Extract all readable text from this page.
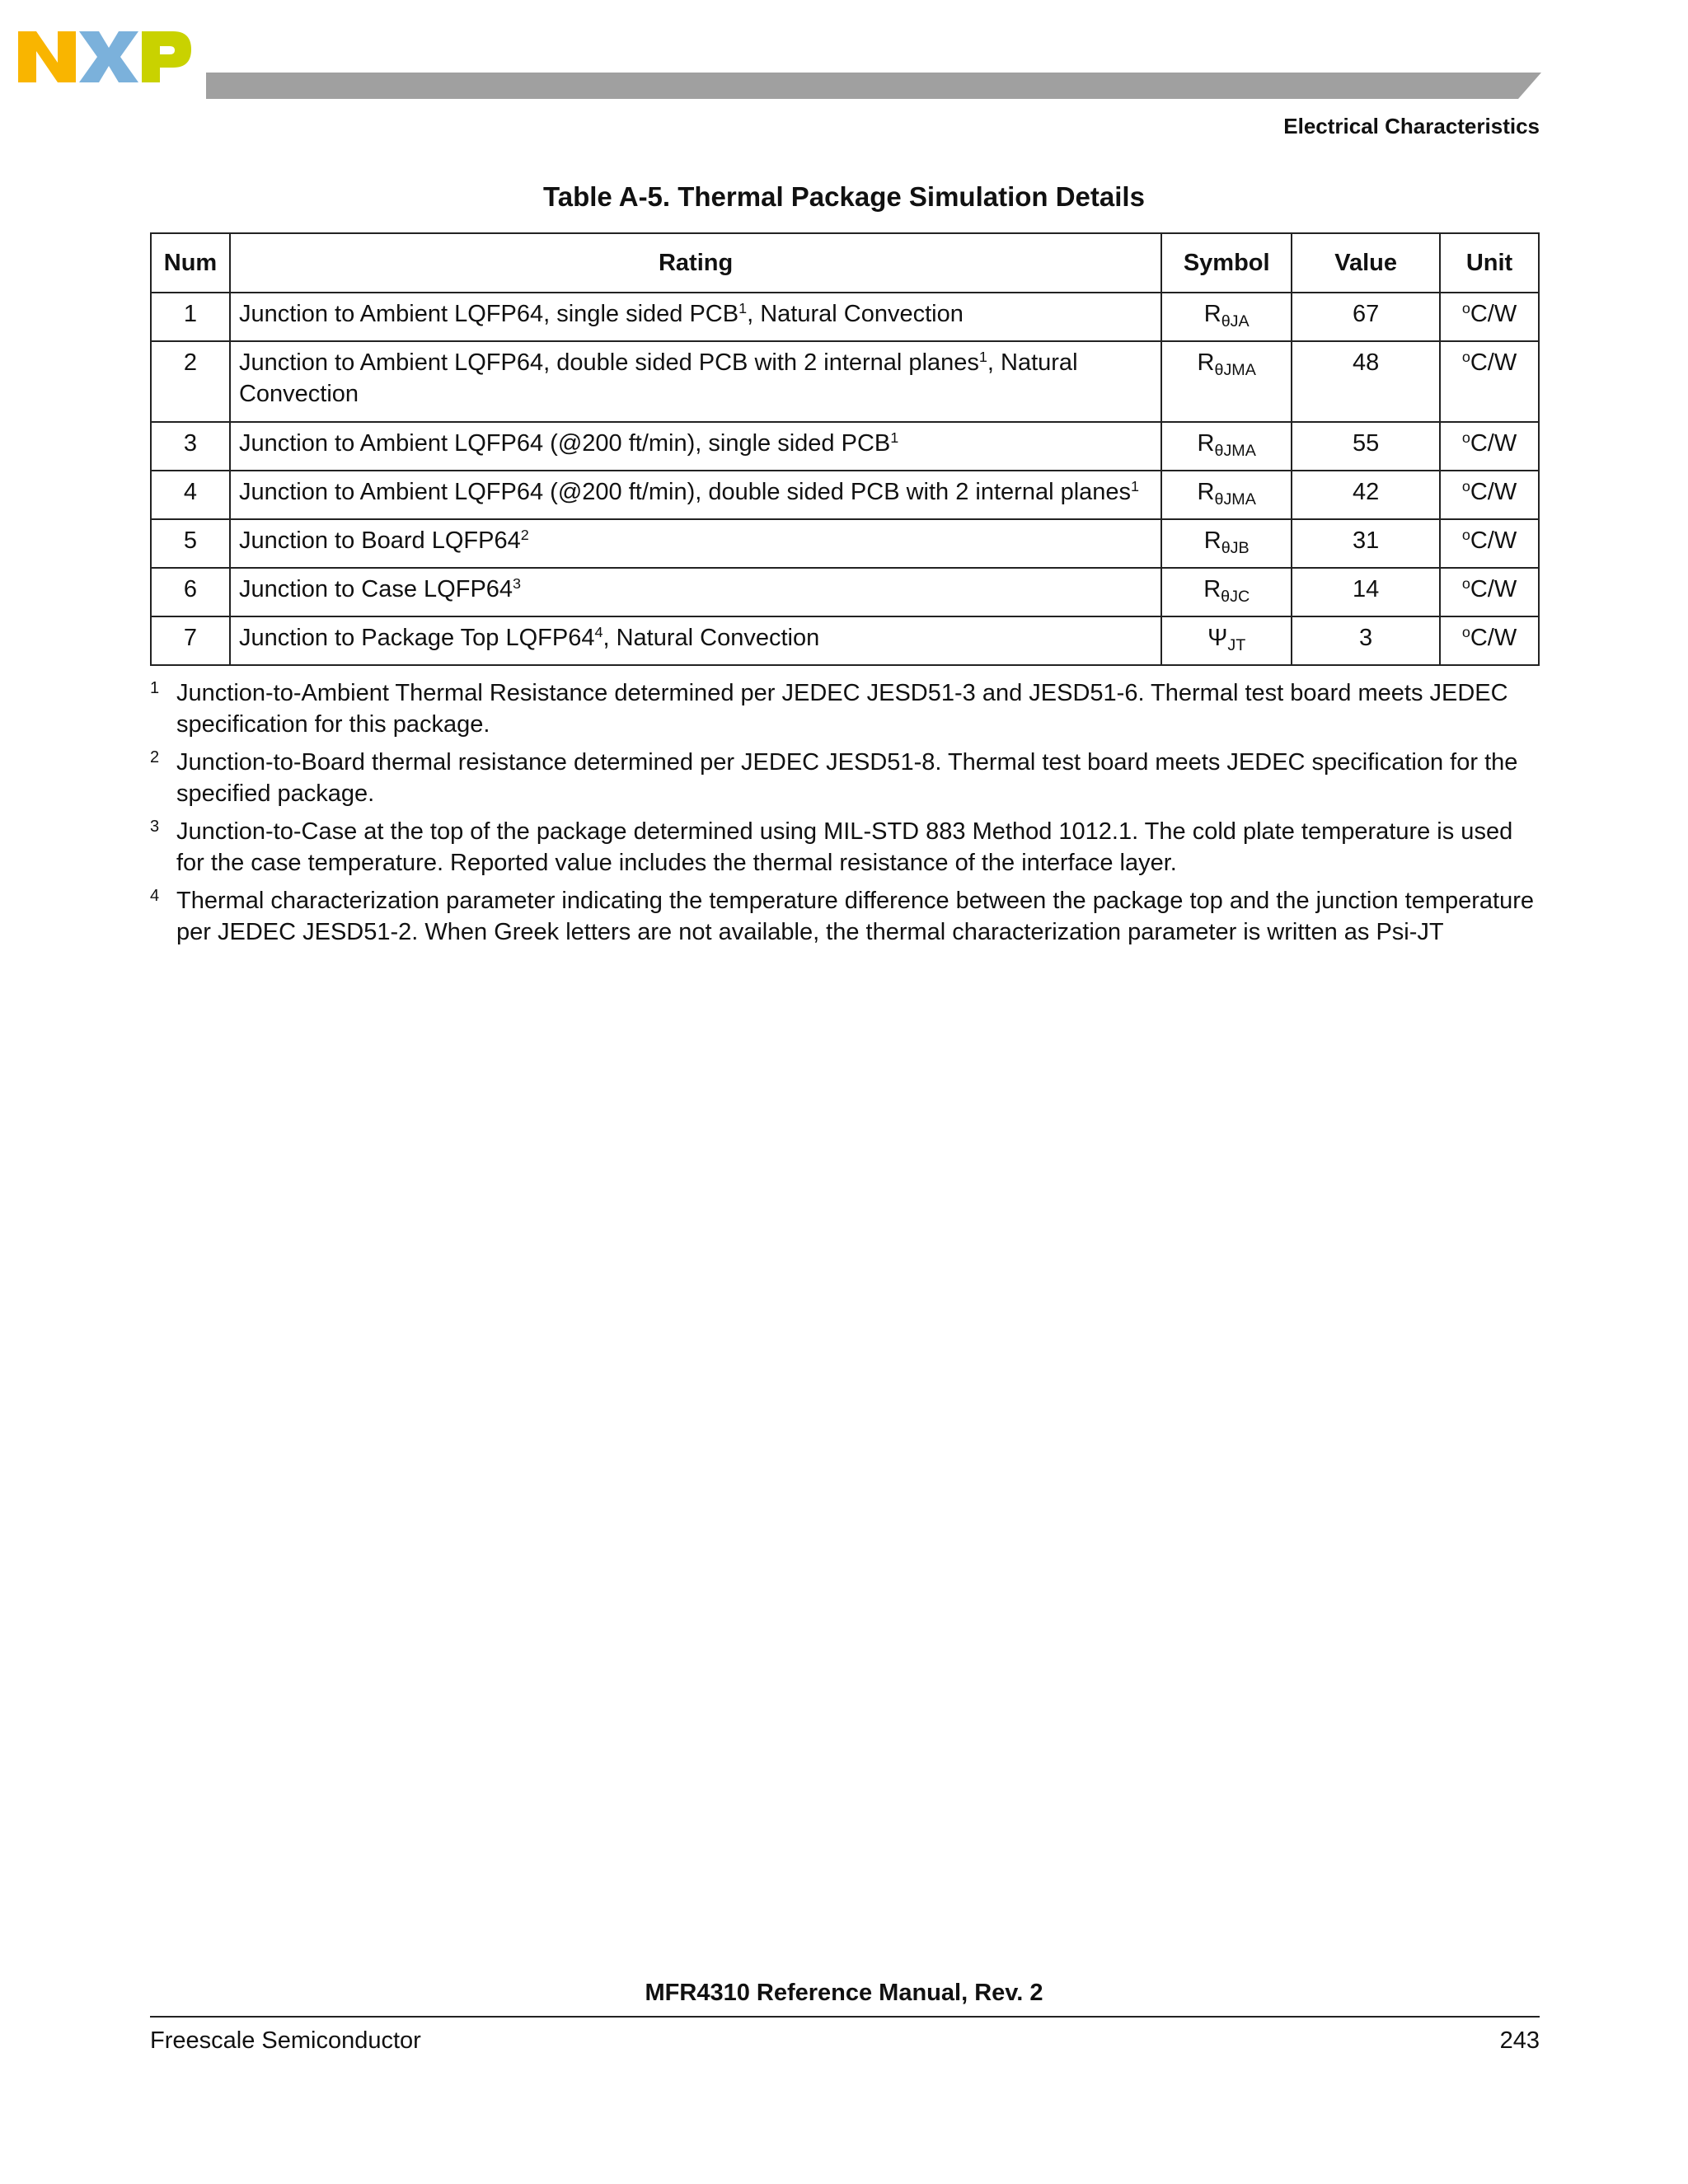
Electrical Characteristics
Table A-5. Thermal Package Simulation Details
Num	Rating	Symbol	Value	Unit
1	Junction to Ambient LQFP64, single sided PCB$^1$, Natural Convection	$R_{\theta JA}$	67	$^o$C/W
2	Junction to Ambient LQFP64, double sided PCB with 2 internal planes$^1$, Natural Convection	$R_{\theta JMA}$	48	$^o$C/W
3	Junction to Ambient LQFP64 (@200 ft/min), single sided PCB$^1$	$R_{\theta JMA}$	55	$^o$C/W
4	Junction to Ambient LQFP64 (@200 ft/min), double sided PCB with 2 internal planes$^1$	$R_{\theta JMA}$	42	$^o$C/W
5	Junction to Board $LQFP64^2$	$R_{\theta JB}$	31	$^o$C/W
6	Junction to Case $LQFP64^3$	$R_{\theta JC}$	14	$^o$C/W
7	Junction to Package Top $LQFP64^4$, Natural Convection	$\Psi_{JT}$	3	$^o$C/W
1 Junction-to-Ambient Thermal Resistance determined per JEDEC JESD51-3 and JESD51-6. Thermal test board meets JEDEC specification for this package.
2 Junction-to-Board thermal resistance determined per JEDEC JESD51-8. Thermal test board meets JEDEC specification for the specified package.
3 Junction-to-Case at the top of the package determined using MIL-STD 883 Method 1012.1. The cold plate temperature is used for the case temperature. Reported value includes the thermal resistance of the interface layer.
4 Thermal characterization parameter indicating the temperature difference between the package top and the junction temperature per JEDEC JESD51-2. When Greek letters are not available, the thermal characterization parameter is written as Psi-JT
MFR4310 Reference Manual, Rev. 2
Freescale Semiconductor	243
